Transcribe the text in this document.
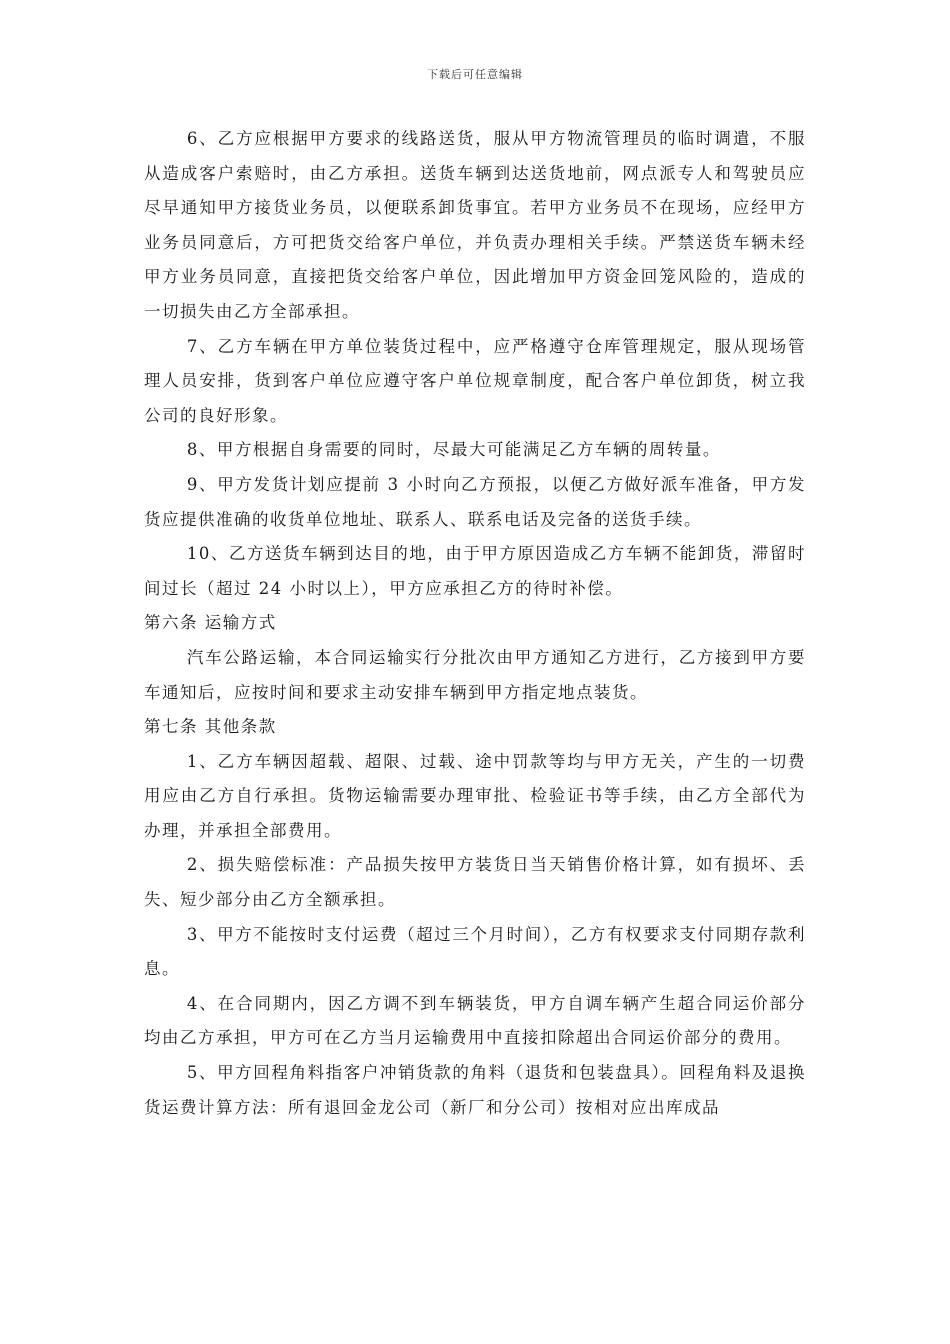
下载后可任意编辑

6、乙方应根据甲方要求的线路送货，服从甲方物流管理员的临时调遣，不服从造成客户索赔时，由乙方承担。送货车辆到达送货地前，网点派专人和驾驶员应尽早通知甲方接货业务员，以便联系卸货事宜。若甲方业务员不在现场，应经甲方业务员同意后，方可把货交给客户单位，并负责办理相关手续。严禁送货车辆未经甲方业务员同意，直接把货交给客户单位，因此增加甲方资金回笼风险的，造成的一切损失由乙方全部承担。

7、乙方车辆在甲方单位装货过程中，应严格遵守仓库管理规定，服从现场管理人员安排，货到客户单位应遵守客户单位规章制度，配合客户单位卸货，树立我公司的良好形象。

8、甲方根据自身需要的同时，尽最大可能满足乙方车辆的周转量。

9、甲方发货计划应提前 3 小时向乙方预报，以便乙方做好派车准备，甲方发货应提供准确的收货单位地址、联系人、联系电话及完备的送货手续。

10、乙方送货车辆到达目的地，由于甲方原因造成乙方车辆不能卸货，滞留时间过长（超过 24 小时以上），甲方应承担乙方的待时补偿。

第六条 运输方式

汽车公路运输，本合同运输实行分批次由甲方通知乙方进行，乙方接到甲方要车通知后，应按时间和要求主动安排车辆到甲方指定地点装货。

第七条 其他条款

1、乙方车辆因超载、超限、过载、途中罚款等均与甲方无关，产生的一切费用应由乙方自行承担。货物运输需要办理审批、检验证书等手续，由乙方全部代为办理，并承担全部费用。

2、损失赔偿标准：产品损失按甲方装货日当天销售价格计算，如有损坏、丢失、短少部分由乙方全额承担。

3、甲方不能按时支付运费（超过三个月时间），乙方有权要求支付同期存款利息。

4、在合同期内，因乙方调不到车辆装货，甲方自调车辆产生超合同运价部分均由乙方承担，甲方可在乙方当月运输费用中直接扣除超出合同运价部分的费用。

5、甲方回程角料指客户冲销货款的角料（退货和包装盘具）。回程角料及退换货运费计算方法：所有退回金龙公司（新厂和分公司）按相对应出库成品
